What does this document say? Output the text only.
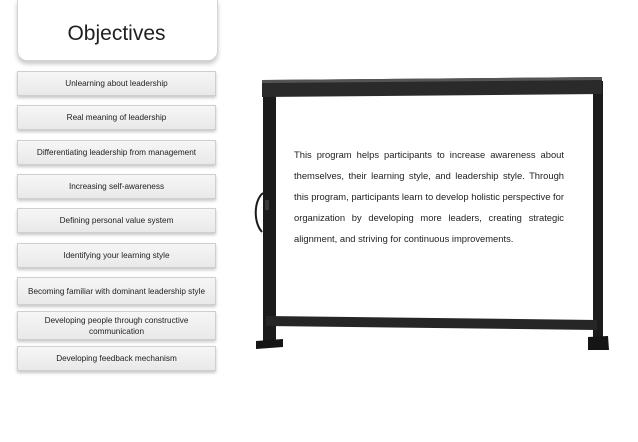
Objectives
Unlearning about leadership
Real meaning of leadership
Differentiating leadership from management
Increasing self-awareness
Defining personal value system
Identifying your learning style
Becoming familiar with dominant leadership style
Developing people through constructive communication
Developing feedback mechanism
This program helps participants to increase awareness about themselves, their learning style, and leadership style. Through this program, participants learn to develop holistic perspective for organization by developing more leaders, creating strategic alignment, and striving for continuous improvements.
